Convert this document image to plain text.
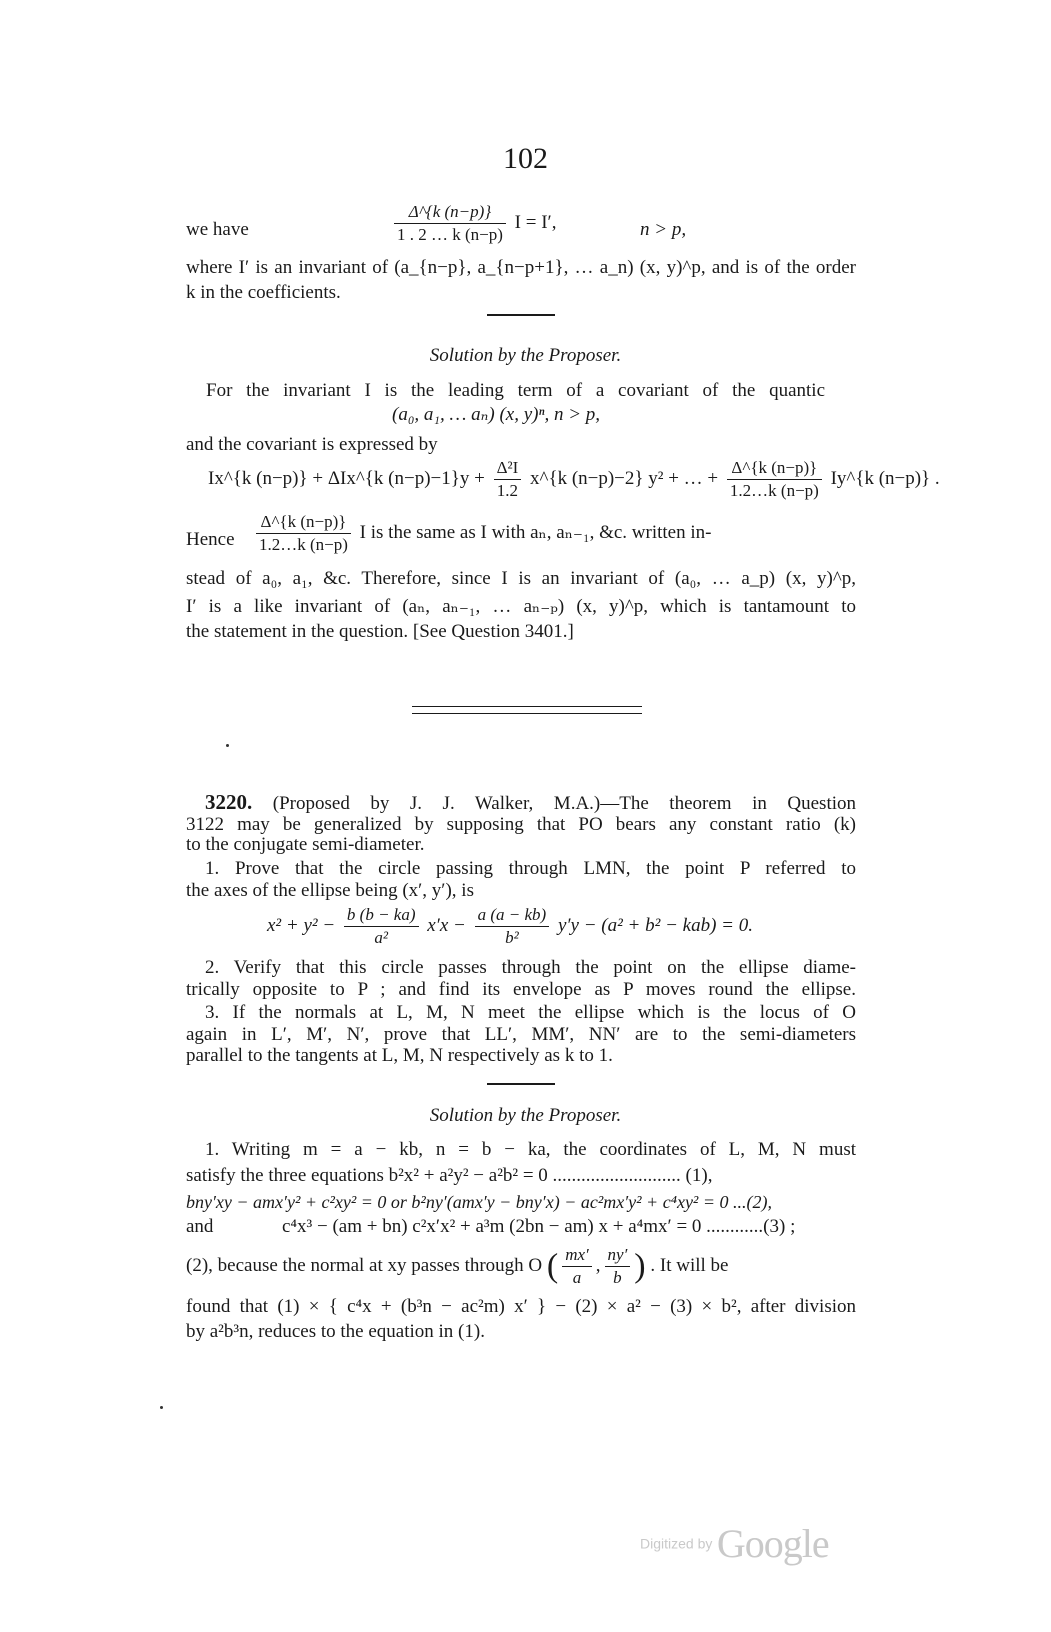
102
we have	$\frac{\Delta\^{}\{k (n-p)\}}{1 . 2 \dots k (n-p)}$ I = I′,	n > p,
where I′ is an invariant of (a_{n−p}, a_{n−p+1}, … a_n) (x, y)^p, and is of the order
k in the coefficients.
Solution by the Proposer.
For the invariant I is the leading term of a covariant of the quantic
(a₀, a₁, … aₙ) (x, y)ⁿ, n > p,
and the covariant is expressed by
Ix^{k (n−p)} + ΔIx^{k $(n-p)-1\}y + \frac{\text{Δ²I}}{1.2}$ x^{k (n−p)−2} y² + … + $\frac{\Delta\^{}\{k (n-p)\}}{1.2\dots k (n-p)}$ Iy^{k (n−p)} .
Hence $\frac{\Delta\^{}\{k (n-p)\}}{1.2\dots k (n-p)}$ I is the same as I with aₙ, aₙ₋₁, &c. written in-
stead of a₀, a₁, &c. Therefore, since I is an invariant of (a₀, … a_p) (x, y)^p,
I′ is a like invariant of (aₙ, aₙ₋₁, … aₙ₋ₚ) (x, y)^p, which is tantamount to
the statement in the question. [See Question 3401.]
3220. (Proposed by J. J. Walker, M.A.)—The theorem in Question
3122 may be generalized by supposing that PO bears any constant ratio (k)
to the conjugate semi-diameter.
1. Prove that the circle passing through LMN, the point P referred to
the axes of the ellipse being (x′, y′), is
$x^2 + y^2 - \frac{b (b - ka)}{\text{a²}} x'x - \frac{a (a - kb)}{\text{b²}} y'y - (a^2 + b^2 - kab) = 0$.
2. Verify that this circle passes through the point on the ellipse diame-
trically opposite to P ; and find its envelope as P moves round the ellipse.
3. If the normals at L, M, N meet the ellipse which is the locus of O
again in L′, M′, N′, prove that LL′, MM′, NN′ are to the semi-diameters
parallel to the tangents at L, M, N respectively as k to 1.
Solution by the Proposer.
1. Writing m = a − kb, n = b − ka, the coordinates of L, M, N must
satisfy the three equations b²x² + a²y² − a²b² = 0 ........................... (1),
bny′xy − amx′y² + c²xy² = 0 or b²ny′(amx′y − bny′x) − ac²mx′y² + c⁴xy² = 0 ...(2),
and	c⁴x³ − (am + bn) c²x′x² + a³m (2bn − am) x + a⁴mx′ = 0 ............(3) ;
(2), because the normal at xy passes through O ( $\frac{mx'}{a}$ , $\frac{ny'}{b}$ ) . It will be
found that (1) × { c⁴x + (b³n − ac²m) x′ } − (2) × a² − (3) × b², after division
by a²b³n, reduces to the equation in (1).
Digitized by Google
